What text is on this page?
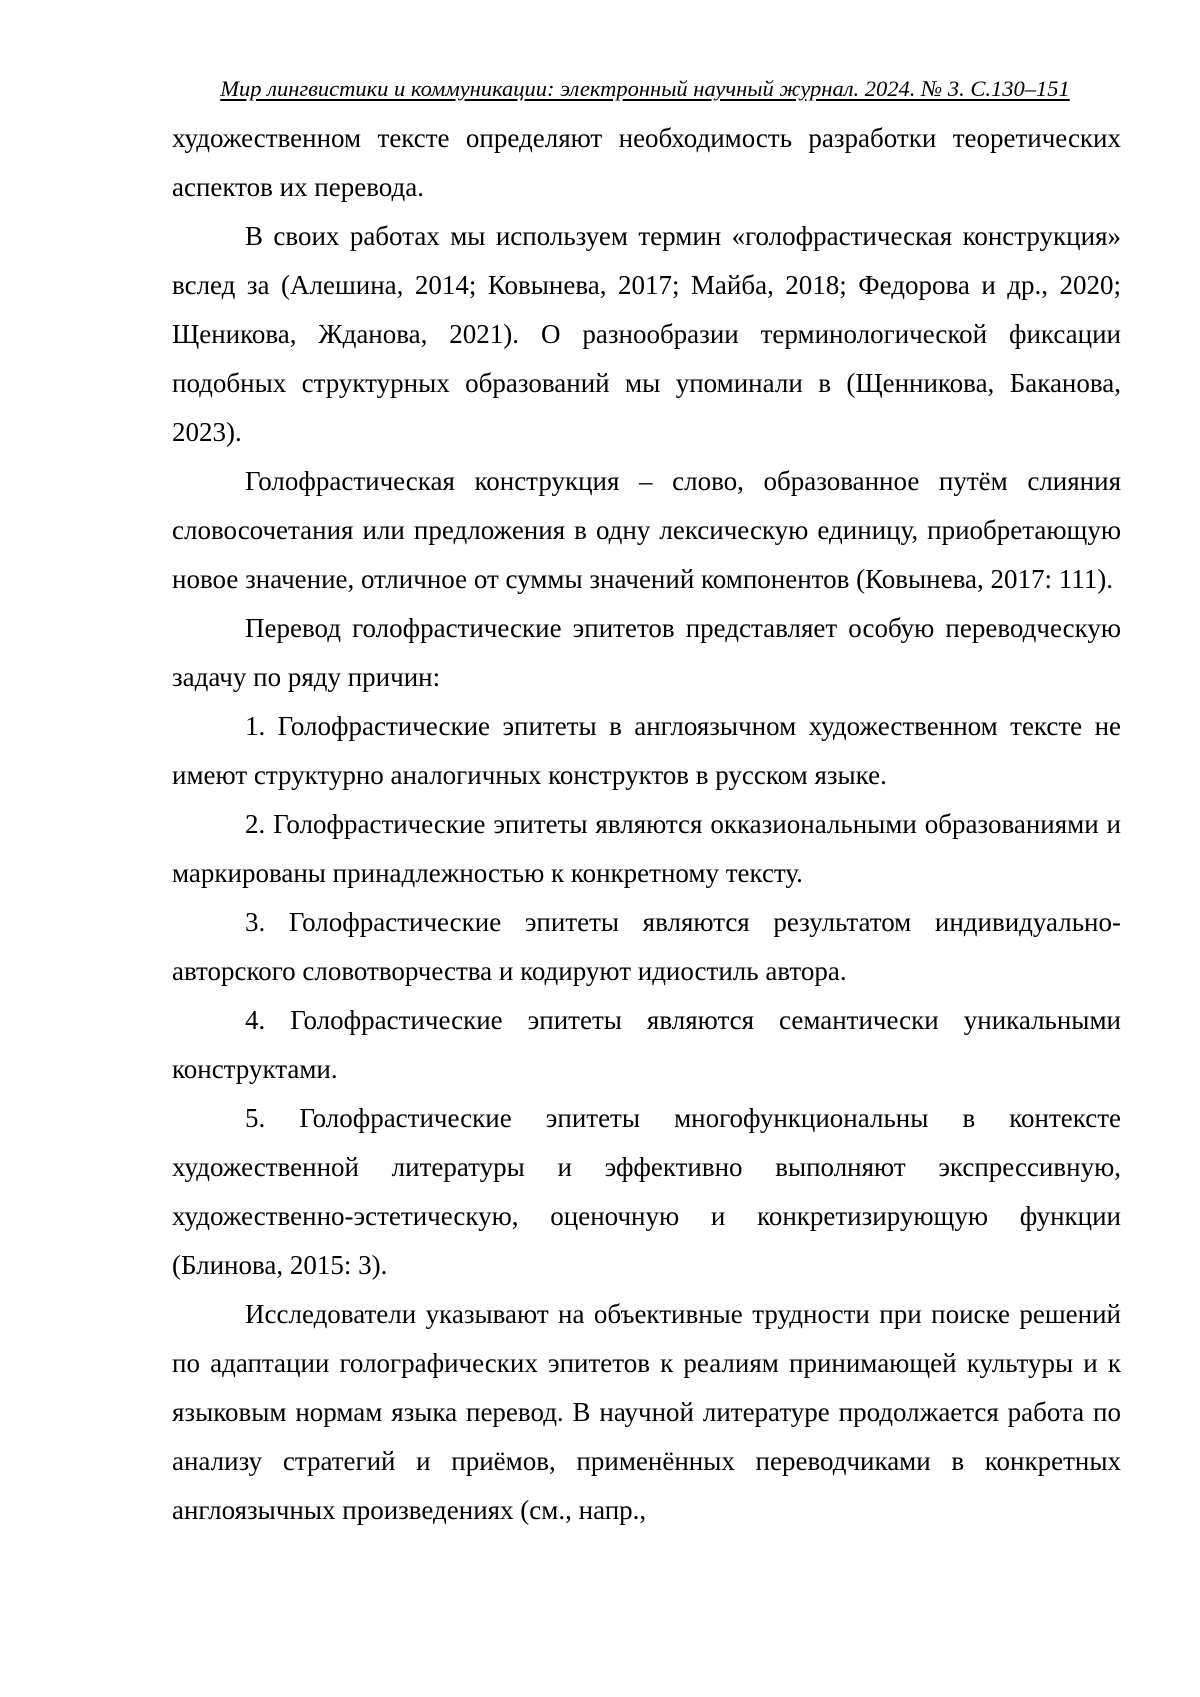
Мир лингвистики и коммуникации: электронный научный журнал. 2024. № 3. С.130–151

художественном тексте определяют необходимость разработки теоретических аспектов их перевода.

В своих работах мы используем термин «голофрастическая конструкция» вслед за (Алешина, 2014; Ковынева, 2017; Майба, 2018; Федорова и др., 2020; Щеникова, Жданова, 2021). О разнообразии терминологической фиксации подобных структурных образований мы упоминали в (Щенникова, Баканова, 2023).

Голофрастическая конструкция – слово, образованное путём слияния словосочетания или предложения в одну лексическую единицу, приобретающую новое значение, отличное от суммы значений компонентов (Ковынева, 2017: 111).

Перевод голофрастические эпитетов представляет особую переводческую задачу по ряду причин:

1. Голофрастические эпитеты в англоязычном художественном тексте не имеют структурно аналогичных конструктов в русском языке.

2. Голофрастические эпитеты являются окказиональными образованиями и маркированы принадлежностью к конкретному тексту.

3. Голофрастические эпитеты являются результатом индивидуально-авторского словотворчества и кодируют идиостиль автора.

4. Голофрастические эпитеты являются семантически уникальными конструктами.

5. Голофрастические эпитеты многофункциональны в контексте художественной литературы и эффективно выполняют экспрессивную, художественно-эстетическую, оценочную и конкретизирующую функции (Блинова, 2015: 3).

Исследователи указывают на объективные трудности при поиске решений по адаптации голографических эпитетов к реалиям принимающей культуры и к языковым нормам языка перевод. В научной литературе продолжается работа по анализу стратегий и приёмов, применённых переводчиками в конкретных англоязычных произведениях (см., напр.,
